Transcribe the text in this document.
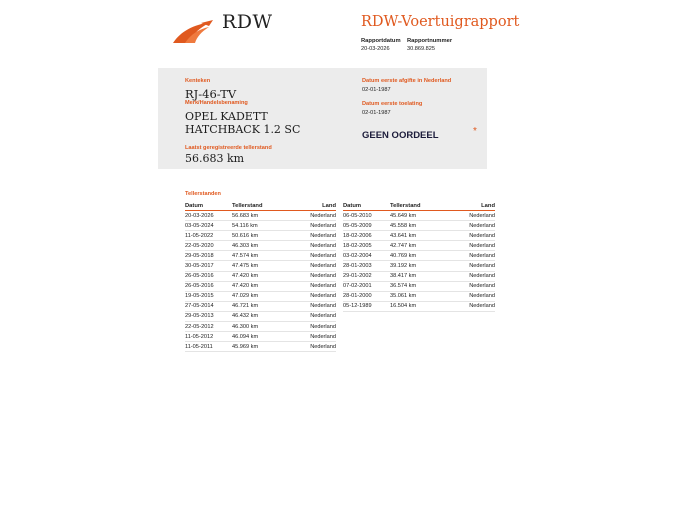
RDW	RDW-Voertuigrapport
Rapportdatum
20-03-2026
Rapportnummer
30.869.825
Kenteken
RJ-46-TV
Merk/Handelsbenaming
OPEL KADETT
HATCHBACK 1.2 SC
Laatst geregistreerde tellerstand
56.683 km
Datum eerste afgifte in Nederland
02-01-1987
Datum eerste toelating
02-01-1987
GEEN OORDEEL	*
Tellerstanden
Datum	Tellerstand	Land
20-03-2026	56.683 km	Nederland
03-05-2024	54.116 km	Nederland
11-05-2022	50.616 km	Nederland
22-05-2020	46.303 km	Nederland
29-05-2018	47.574 km	Nederland
30-05-2017	47.475 km	Nederland
26-05-2016	47.420 km	Nederland
26-05-2016	47.420 km	Nederland
19-05-2015	47.029 km	Nederland
27-05-2014	46.721 km	Nederland
29-05-2013	46.432 km	Nederland
22-05-2012	46.300 km	Nederland
11-05-2012	46.094 km	Nederland
11-05-2011	45.969 km	Nederland
Datum	Tellerstand	Land
06-05-2010	45.649 km	Nederland
05-05-2009	45.558 km	Nederland
18-02-2006	43.641 km	Nederland
18-02-2005	42.747 km	Nederland
03-02-2004	40.769 km	Nederland
28-01-2003	39.192 km	Nederland
29-01-2002	38.417 km	Nederland
07-02-2001	36.574 km	Nederland
28-01-2000	35.061 km	Nederland
05-12-1989	16.504 km	Nederland
